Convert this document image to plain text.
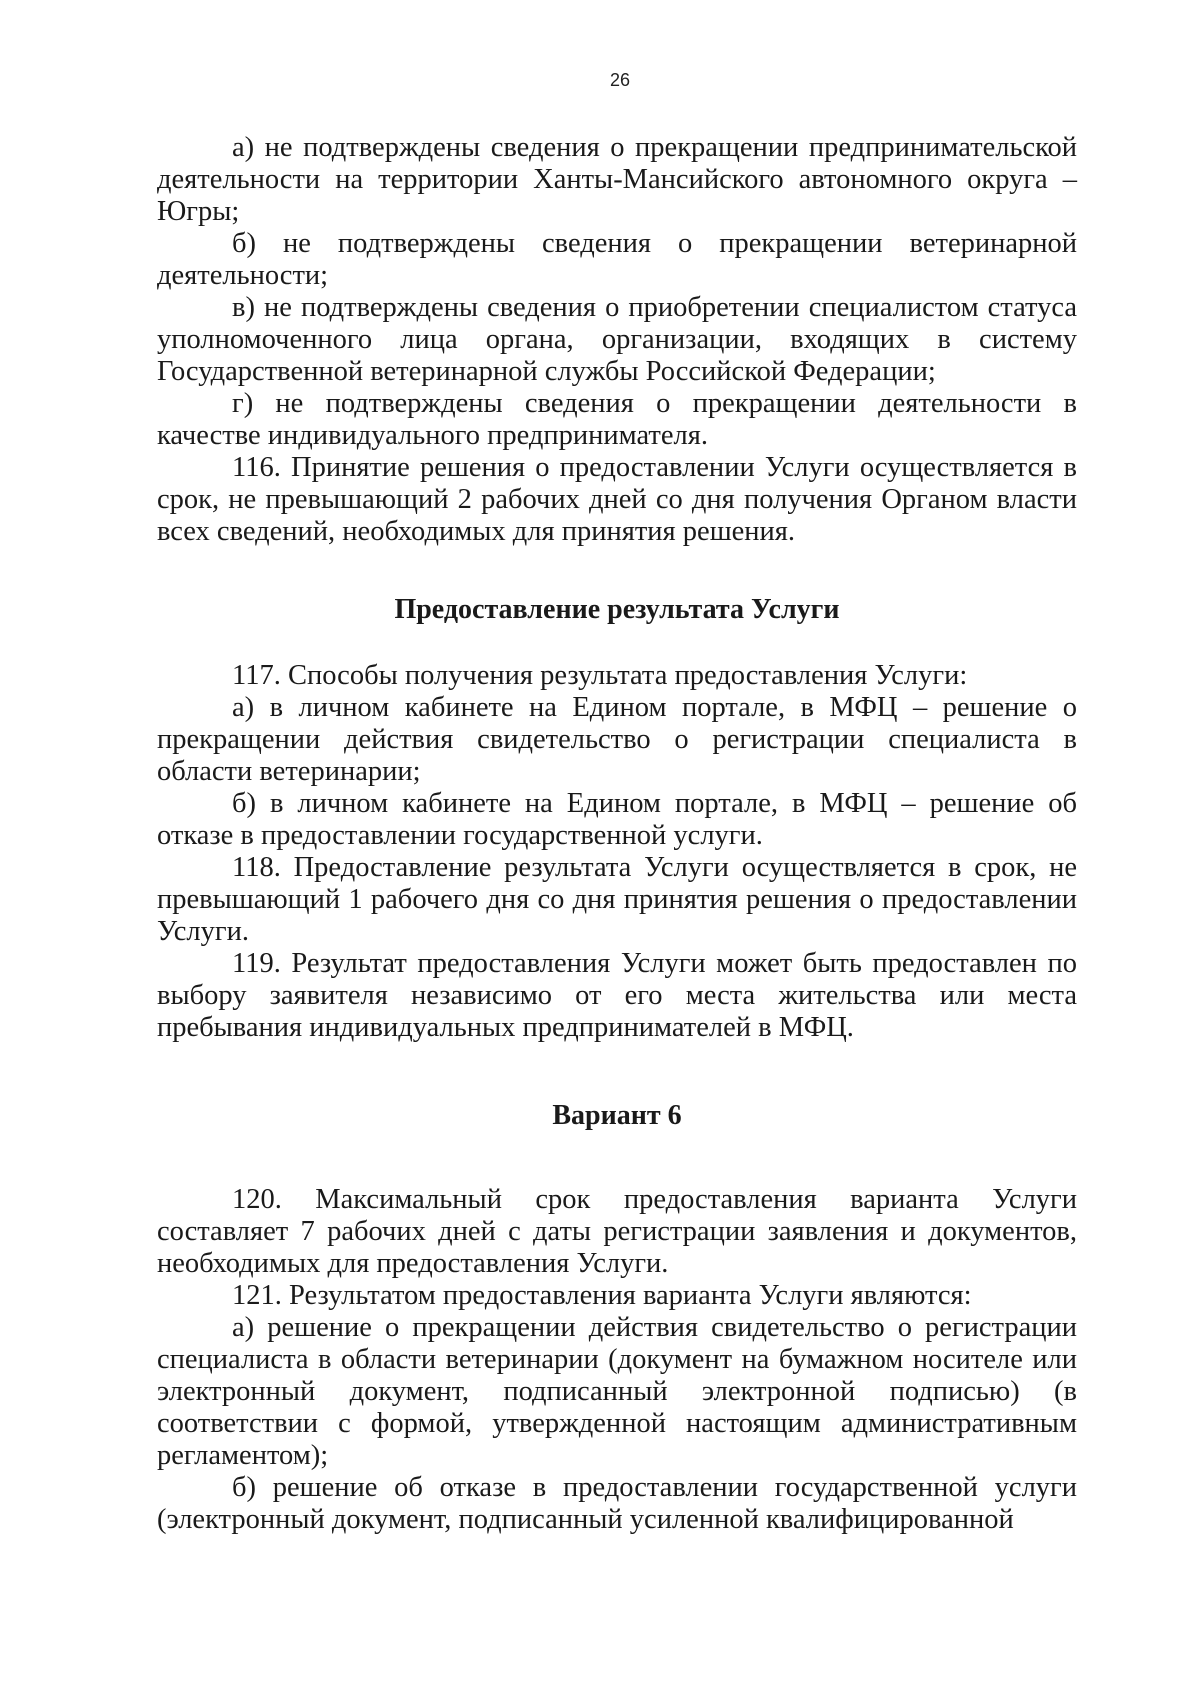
26

а) не подтверждены сведения о прекращении предпринимательской деятельности на территории Ханты-Мансийского автономного округа – Югры;

б) не подтверждены сведения о прекращении ветеринарной деятельности;

в) не подтверждены сведения о приобретении специалистом статуса уполномоченного лица органа, организации, входящих в систему Государственной ветеринарной службы Российской Федерации;

г) не подтверждены сведения о прекращении деятельности в качестве индивидуального предпринимателя.

116. Принятие решения о предоставлении Услуги осуществляется в срок, не превышающий 2 рабочих дней со дня получения Органом власти всех сведений, необходимых для принятия решения.

Предоставление результата Услуги

117. Способы получения результата предоставления Услуги:

а) в личном кабинете на Едином портале, в МФЦ – решение о прекращении действия свидетельство о регистрации специалиста в области ветеринарии;

б) в личном кабинете на Едином портале, в МФЦ – решение об отказе в предоставлении государственной услуги.

118. Предоставление результата Услуги осуществляется в срок, не превышающий 1 рабочего дня со дня принятия решения о предоставлении Услуги.

119. Результат предоставления Услуги может быть предоставлен по выбору заявителя независимо от его места жительства или места пребывания индивидуальных предпринимателей в МФЦ.

Вариант 6

120. Максимальный срок предоставления варианта Услуги составляет 7 рабочих дней с даты регистрации заявления и документов, необходимых для предоставления Услуги.

121. Результатом предоставления варианта Услуги являются:

а) решение о прекращении действия свидетельство о регистрации специалиста в области ветеринарии (документ на бумажном носителе или электронный документ, подписанный электронной подписью) (в соответствии с формой, утвержденной настоящим административным регламентом);

б) решение об отказе в предоставлении государственной услуги (электронный документ, подписанный усиленной квалифицированной
